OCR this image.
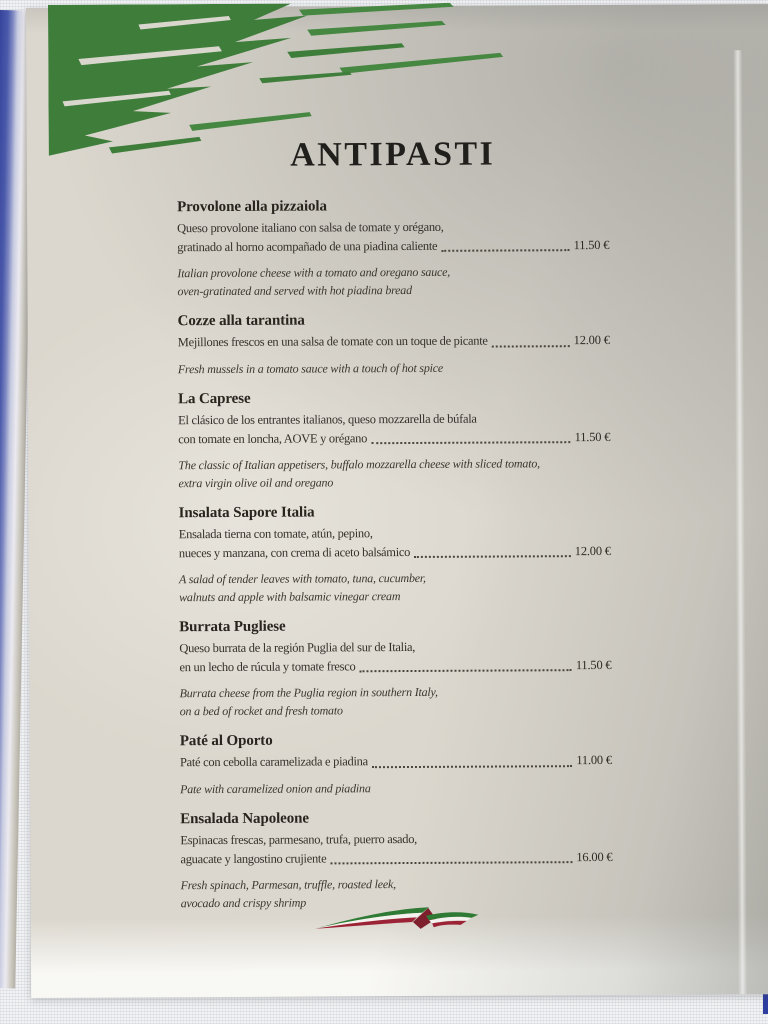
ANTIPASTI
Provolone alla pizzaiola
Queso provolone italiano con salsa de tomate y orégano,
gratinado al horno acompañado de una piadina caliente	11.50 €
Italian provolone cheese with a tomato and oregano sauce,
oven-gratinated and served with hot piadina bread
Cozze alla tarantina
Mejillones frescos en una salsa de tomate con un toque de picante	12.00 €
Fresh mussels in a tomato sauce with a touch of hot spice
La Caprese
El clásico de los entrantes italianos, queso mozzarella de búfala
con tomate en loncha, AOVE y orégano	11.50 €
The classic of Italian appetisers, buffalo mozzarella cheese with sliced tomato,
extra virgin olive oil and oregano
Insalata Sapore Italia
Ensalada tierna con tomate, atún, pepino,
nueces y manzana, con crema di aceto balsámico	12.00 €
A salad of tender leaves with tomato, tuna, cucumber,
walnuts and apple with balsamic vinegar cream
Burrata Pugliese
Queso burrata de la región Puglia del sur de Italia,
en un lecho de rúcula y tomate fresco	11.50 €
Burrata cheese from the Puglia region in southern Italy,
on a bed of rocket and fresh tomato
Paté al Oporto
Paté con cebolla caramelizada e piadina	11.00 €
Pate with caramelized onion and piadina
Ensalada Napoleone
Espinacas frescas, parmesano, trufa, puerro asado,
aguacate y langostino crujiente	16.00 €
Fresh spinach, Parmesan, truffle, roasted leek,
avocado and crispy shrimp
